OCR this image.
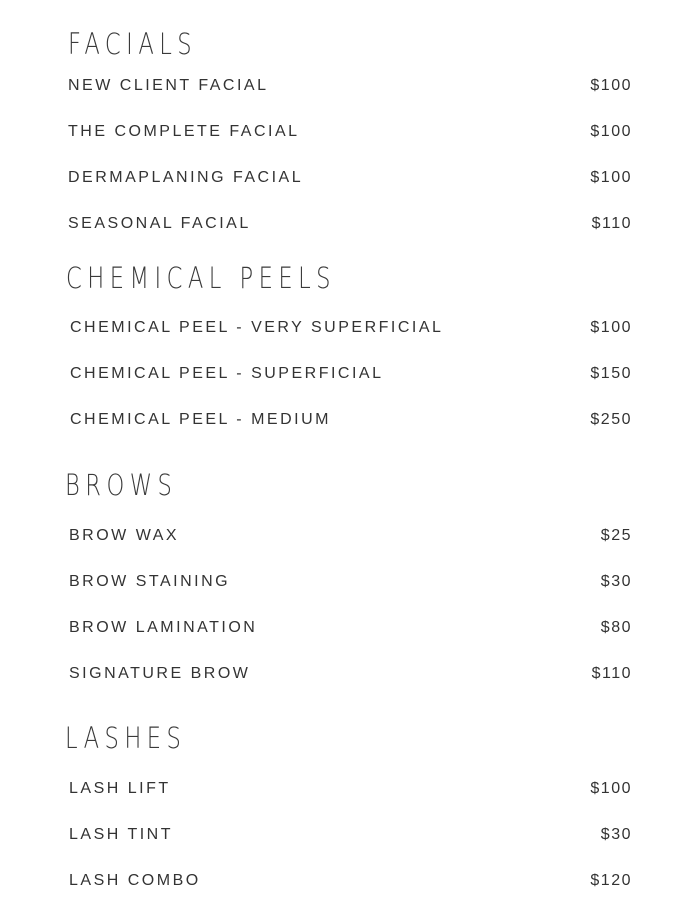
FACIALS
NEW CLIENT FACIAL	$100
THE COMPLETE FACIAL	$100
DERMAPLANING FACIAL	$100
SEASONAL FACIAL	$110
CHEMICAL PEELS
CHEMICAL PEEL - VERY SUPERFICIAL	$100
CHEMICAL PEEL - SUPERFICIAL	$150
CHEMICAL PEEL - MEDIUM	$250
BROWS
BROW WAX	$25
BROW STAINING	$30
BROW LAMINATION	$80
SIGNATURE BROW	$110
LASHES
LASH LIFT	$100
LASH TINT	$30
LASH COMBO	$120
